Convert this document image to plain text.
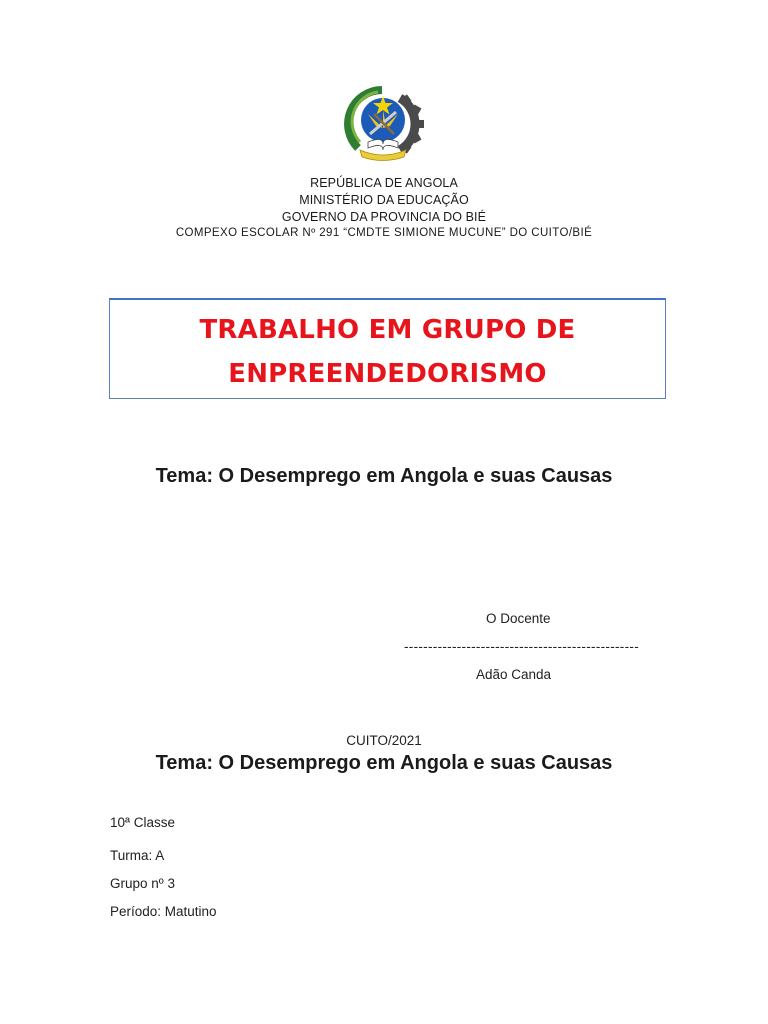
REPÚBLICA DE ANGOLA
MINISTÉRIO DA EDUCAÇÃO
GOVERNO DA PROVINCIA DO BIÉ
COMPEXO ESCOLAR Nº 291 “CMDTE SIMIONE MUCUNE” DO CUITO/BIÉ
TRABALHO EM GRUPO DE
ENPREENDEDORISMO
Tema: O Desemprego em Angola e suas Causas
O Docente
-------------------------------------------------
Adão Canda
CUITO/2021
Tema: O Desemprego em Angola e suas Causas
10ª Classe
Turma: A
Grupo nº 3
Período: Matutino
